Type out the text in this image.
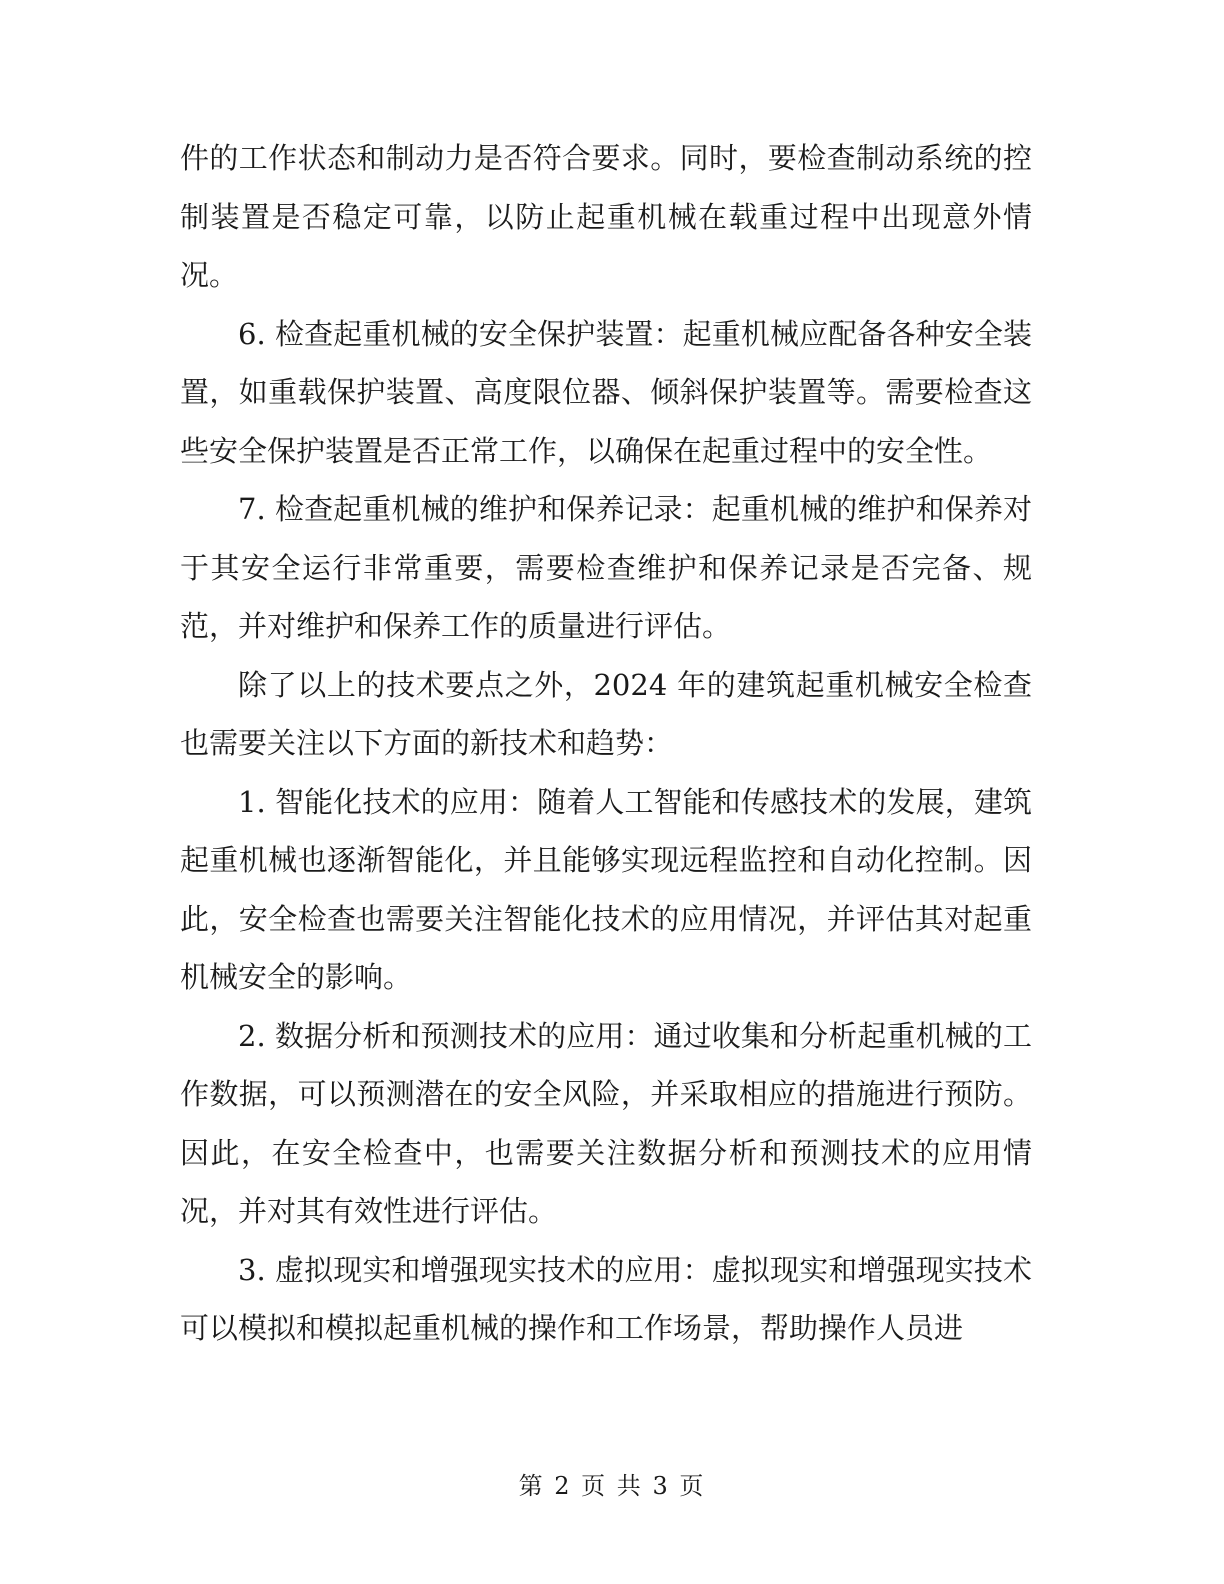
件的工作状态和制动力是否符合要求。同时，要检查制动系统的控制装置是否稳定可靠，以防止起重机械在载重过程中出现意外情况。

6. 检查起重机械的安全保护装置：起重机械应配备各种安全装置，如重载保护装置、高度限位器、倾斜保护装置等。需要检查这些安全保护装置是否正常工作，以确保在起重过程中的安全性。

7. 检查起重机械的维护和保养记录：起重机械的维护和保养对于其安全运行非常重要，需要检查维护和保养记录是否完备、规范，并对维护和保养工作的质量进行评估。

除了以上的技术要点之外，2024 年的建筑起重机械安全检查也需要关注以下方面的新技术和趋势：

1. 智能化技术的应用：随着人工智能和传感技术的发展，建筑起重机械也逐渐智能化，并且能够实现远程监控和自动化控制。因此，安全检查也需要关注智能化技术的应用情况，并评估其对起重机械安全的影响。

2. 数据分析和预测技术的应用：通过收集和分析起重机械的工作数据，可以预测潜在的安全风险，并采取相应的措施进行预防。因此，在安全检查中，也需要关注数据分析和预测技术的应用情况，并对其有效性进行评估。

3. 虚拟现实和增强现实技术的应用：虚拟现实和增强现实技术可以模拟和模拟起重机械的操作和工作场景，帮助操作人员进

第 2 页 共 3 页
